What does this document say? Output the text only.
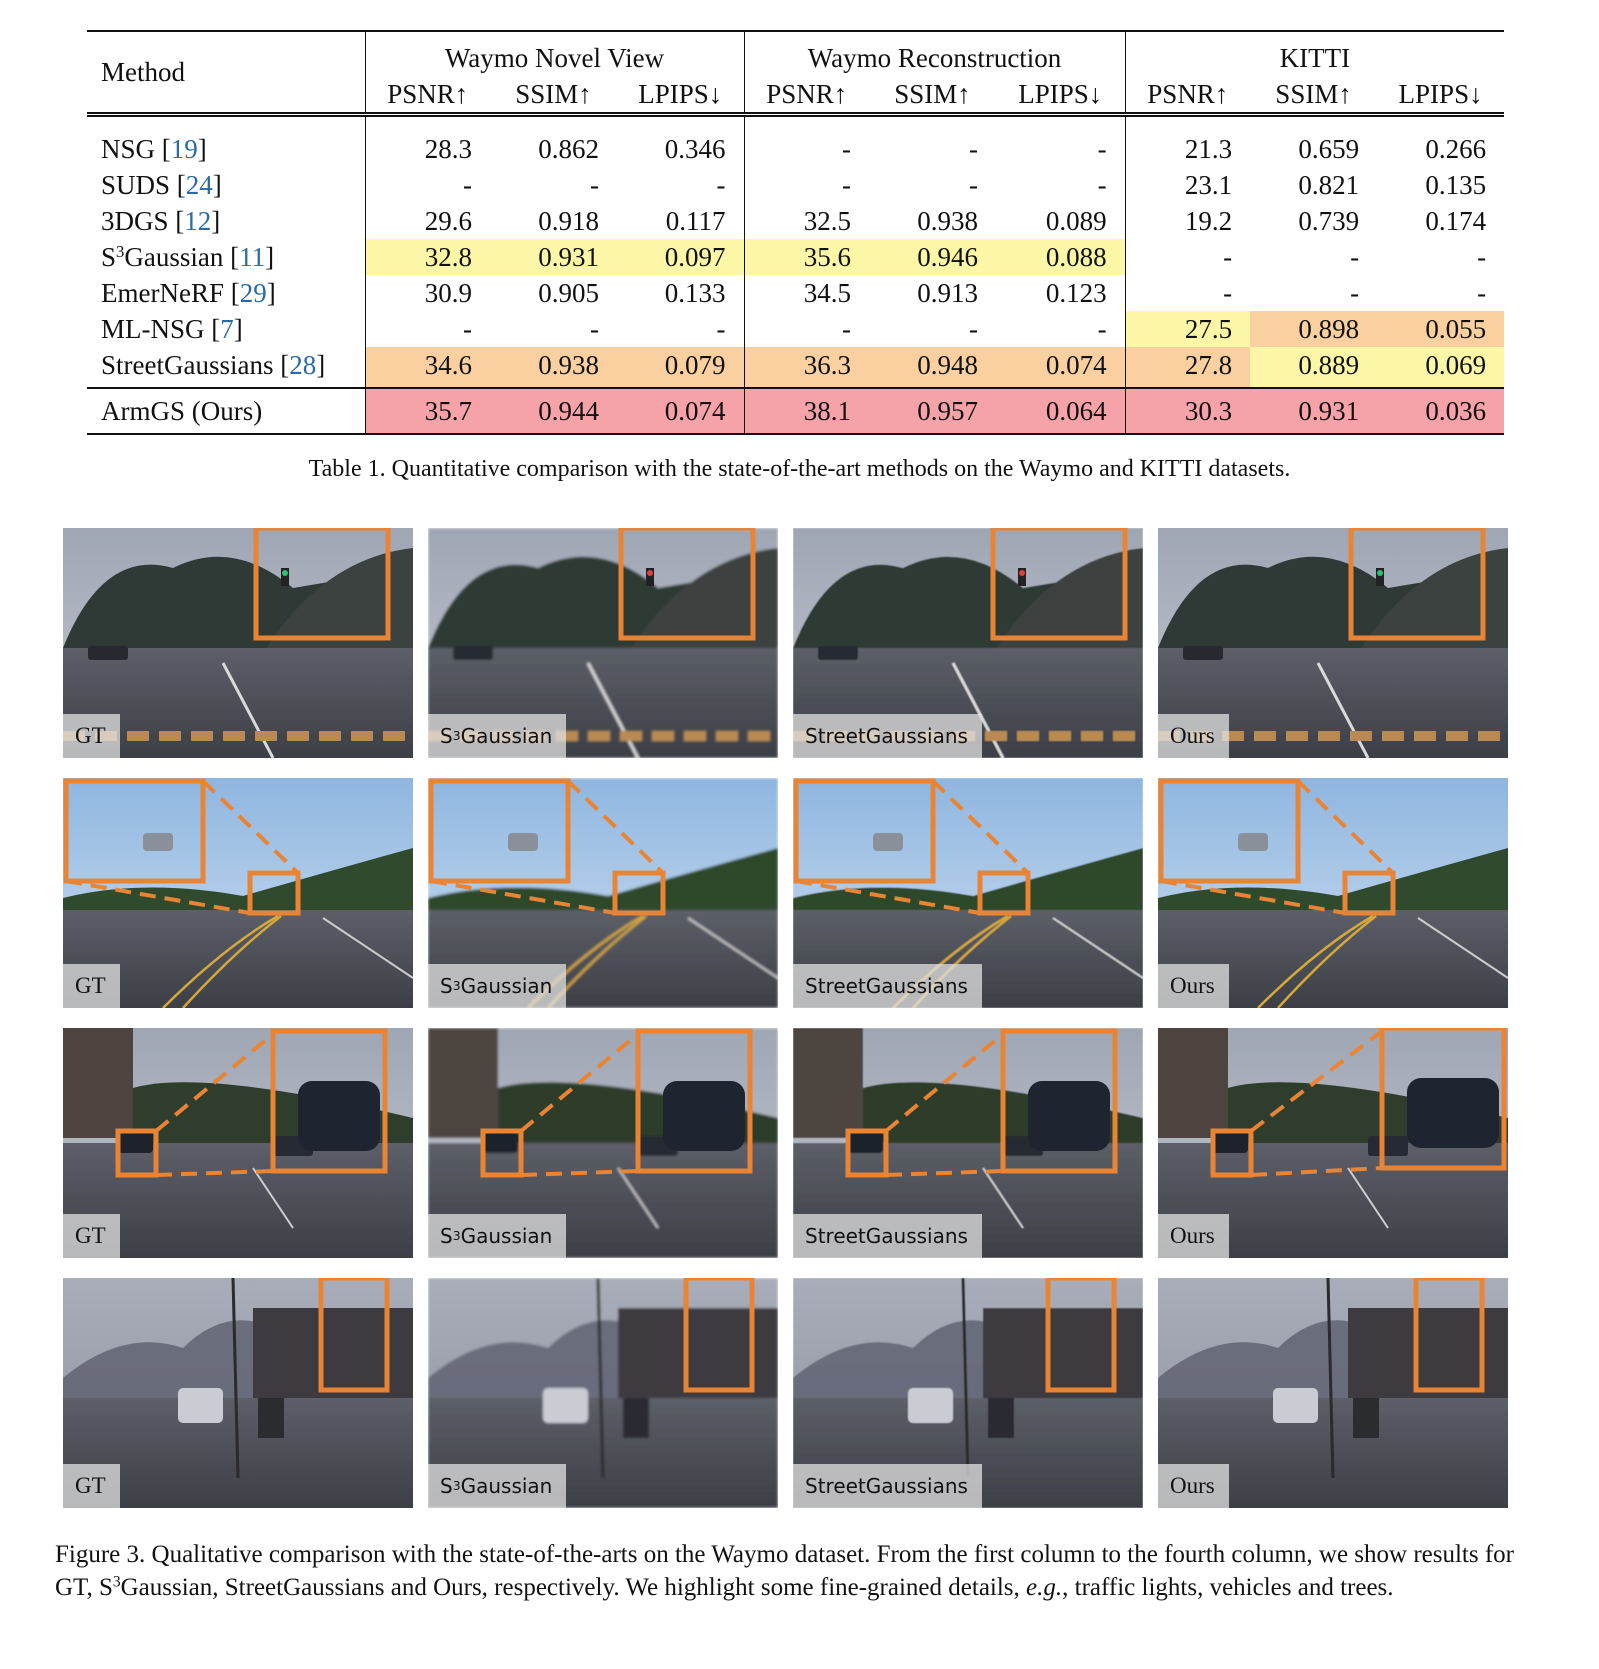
Method	Waymo Novel View			Waymo Reconstruction			KITTI		
	PSNR↑	SSIM↑	LPIPS↓	PSNR↑	SSIM↑	LPIPS↓	PSNR↑	SSIM↑	LPIPS↓
NSG [19]	28.3	0.862	0.346	-	-	-	21.3	0.659	0.266
SUDS [24]	-	-	-	-	-	-	23.1	0.821	0.135
3DGS [12]	29.6	0.918	0.117	32.5	0.938	0.089	19.2	0.739	0.174
$S^3Gaussian$ [11]	32.8	0.931	0.097	35.6	0.946	0.088	-	-	-
EmerNeRF [29]	30.9	0.905	0.133	34.5	0.913	0.123	-	-	-
ML-NSG [7]	-	-	-	-	-	-	27.5	0.898	0.055
StreetGaussians [28]	34.6	0.938	0.079	36.3	0.948	0.074	27.8	0.889	0.069
ArmGS (Ours)	35.7	0.944	0.074	38.1	0.957	0.064	30.3	0.931	0.036
Table 1. Quantitative comparison with the state-of-the-art methods on the Waymo and KITTI datasets.
GT	S 3 Gaussian	StreetGaussians	Ours
GT	S 3 Gaussian	StreetGaussians	Ours
GT	S 3 Gaussian	StreetGaussians	Ours
GT	S 3 Gaussian	StreetGaussians	Ours
Figure 3. Qualitative comparison with the state-of-the-arts on the Waymo dataset. From the first column to the fourth column, we show results for GT, $S^3Gaussian$, StreetGaussians and Ours, respectively. We highlight some fine-grained details, e.g., traffic lights, vehicles and trees.
